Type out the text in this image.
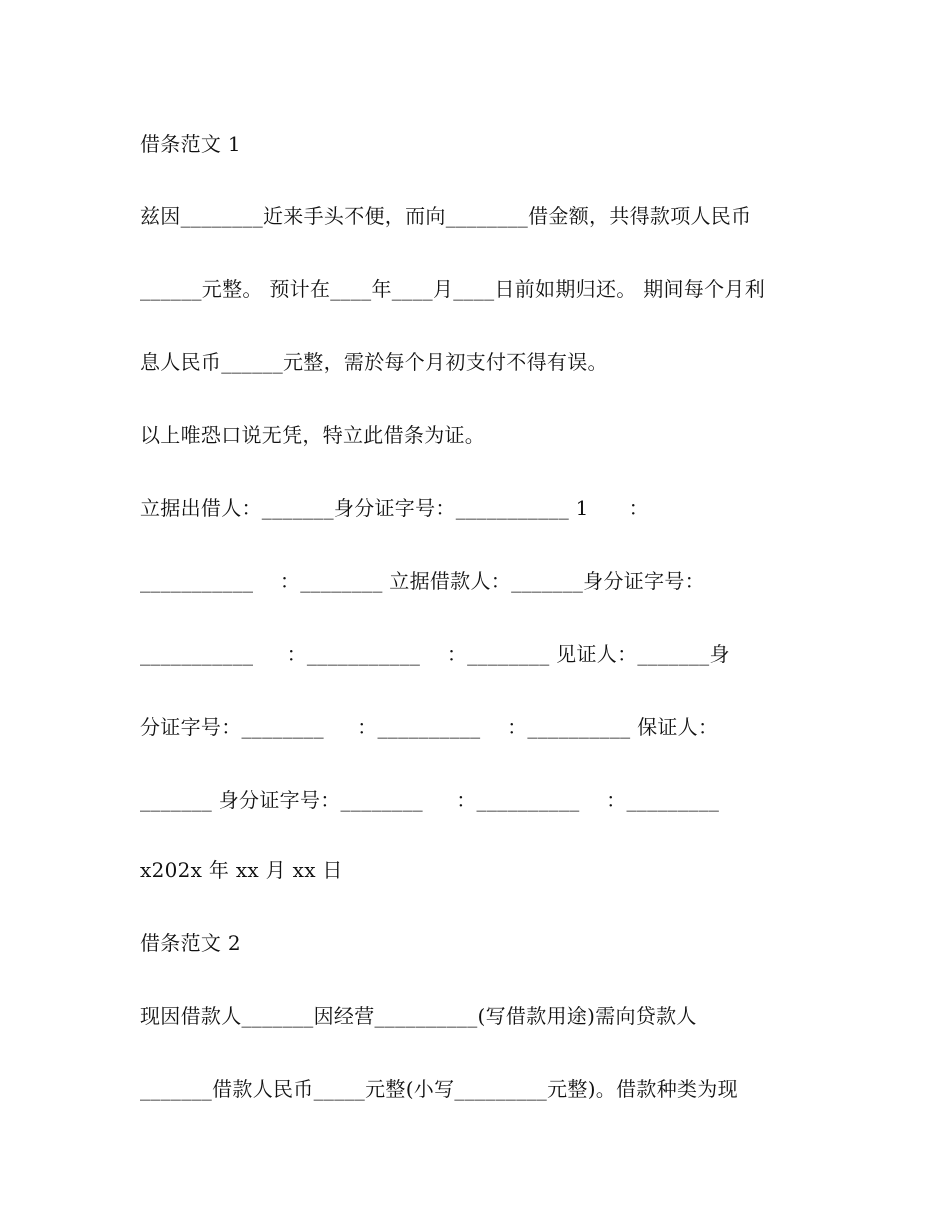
借条范文 1
兹因________近来手头不便，而向________借金额，共得款项人民币
______元整。 预计在____年____月____日前如期归还。 期间每个月利
息人民币______元整，需於每个月初支付不得有误。
以上唯恐口说无凭，特立此借条为证。
立据出借人：_______身分证字号：___________ 1      ：
___________    ：________ 立据借款人：_______身分证字号：
___________     ：___________    ：________ 见证人：_______身
分证字号：________     ：__________    ：__________ 保证人：
_______ 身分证字号：________     ：__________    ：_________
x202x 年 xx 月 xx 日
借条范文 2
现因借款人_______因经营__________(写借款用途)需向贷款人
_______借款人民币_____元整(小写_________元整)。借款种类为现
